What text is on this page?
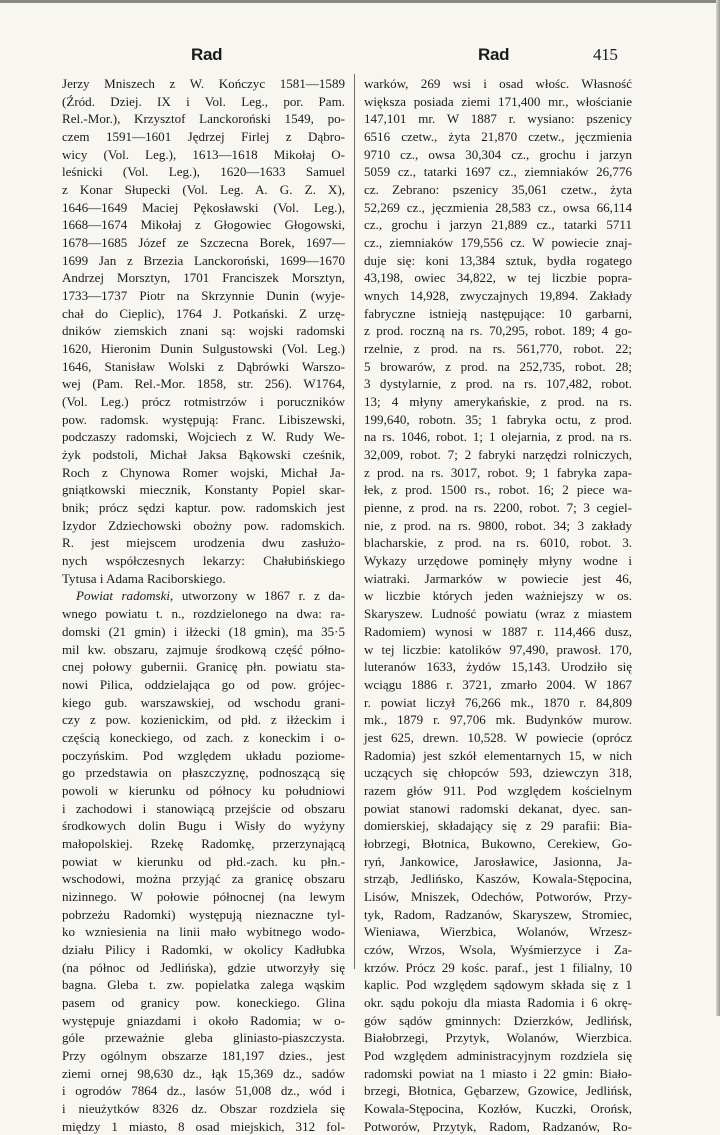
Rad	Rad	415
Jerzy Mniszech z W. Kończyc 1581—1589
(Źród. Dziej. IX i Vol. Leg., por. Pam.
Rel.-Mor.), Krzysztof Lanckoroński 1549, po-
czem 1591—1601 Jędrzej Firlej z Dąbro-
wicy (Vol. Leg.), 1613—1618 Mikołaj O-
leśnicki (Vol. Leg.), 1620—1633 Samuel
z Konar Słupecki (Vol. Leg. A. G. Z. X),
1646—1649 Maciej Pękosławski (Vol. Leg.),
1668—1674 Mikołaj z Głogowiec Głogowski,
1678—1685 Józef ze Szczecna Borek, 1697—
1699 Jan z Brzezia Lanckoroński, 1699—1670
Andrzej Morsztyn, 1701 Franciszek Morsztyn,
1733—1737 Piotr na Skrzynnie Dunin (wyje-
chał do Cieplic), 1764 J. Potkański. Z urzę-
dników ziemskich znani są: wojski radomski
1620, Hieronim Dunin Sulgustowski (Vol. Leg.)
1646, Stanisław Wolski z Dąbrówki Warszo-
wej (Pam. Rel.-Mor. 1858, str. 256). W1764,
(Vol. Leg.) prócz rotmistrzów i poruczników
pow. radomsk. występują: Franc. Libiszewski,
podczaszy radomski, Wojciech z W. Rudy We-
żyk podstoli, Michał Jaksa Bąkowski cześnik,
Roch z Chynowa Romer wojski, Michał Ja-
gniątkowski miecznik, Konstanty Popiel skar-
bnik; prócz sędzi kaptur. pow. radomskich jest
Izydor Zdziechowski obożny pow. radomskich.
R. jest miejscem urodzenia dwu zasłużo-
nych współczesnych lekarzy: Chałubińskiego
Tytusa i Adama Raciborskiego.
Powiat radomski, utworzony w 1867 r. z da-
wnego powiatu t. n., rozdzielonego na dwa: ra-
domski (21 gmin) i iłżecki (18 gmin), ma 35·5
mil kw. obszaru, zajmuje środkową część półno-
cnej połowy gubernii. Granicę płn. powiatu sta-
nowi Pilica, oddzielająca go od pow. grójec-
kiego gub. warszawskiej, od wschodu grani-
czy z pow. kozienickim, od płd. z iłżeckim i
częścią koneckiego, od zach. z koneckim i o-
poczyńskim. Pod względem układu poziome-
go przedstawia on płaszczyznę, podnoszącą się
powoli w kierunku od północy ku południowi
i zachodowi i stanowiącą przejście od obszaru
środkowych dolin Bugu i Wisły do wyżyny
małopolskiej. Rzekę Radomkę, przerzynającą
powiat w kierunku od płd.-zach. ku płn.-
wschodowi, można przyjąć za granicę obszaru
nizinnego. W połowie północnej (na lewym
pobrzeżu Radomki) występują nieznaczne tyl-
ko wzniesienia na linii mało wybitnego wodo-
działu Pilicy i Radomki, w okolicy Kadłubka
(na północ od Jedlińska), gdzie utworzyły się
bagna. Gleba t. zw. popielatka zalega wąskim
pasem od granicy pow. koneckiego. Glina
występuje gniazdami i około Radomia; w o-
góle przeważnie gleba gliniasto-piaszczysta.
Przy ogólnym obszarze 181,197 dzies., jest
ziemi ornej 98,630 dz., łąk 15,369 dz., sadów
i ogrodów 7864 dz., lasów 51,008 dz., wód i
i nieużytków 8326 dz. Obszar rozdziela się
między 1 miasto, 8 osad miejskich, 312 fol-
warków, 269 wsi i osad włośc. Własność
większa posiada ziemi 171,400 mr., włościanie
147,101 mr. W 1887 r. wysiano: pszenicy
6516 czetw., żyta 21,870 czetw., jęczmienia
9710 cz., owsa 30,304 cz., grochu i jarzyn
5059 cz., tatarki 1697 cz., ziemniaków 26,776
cz. Zebrano: pszenicy 35,061 czetw., żyta
52,269 cz., jęczmienia 28,583 cz., owsa 66,114
cz., grochu i jarzyn 21,889 cz., tatarki 5711
cz., ziemniaków 179,556 cz. W powiecie znaj-
duje się: koni 13,384 sztuk, bydła rogatego
43,198, owiec 34,822, w tej liczbie popra-
wnych 14,928, zwyczajnych 19,894. Zakłady
fabryczne istnieją następujące: 10 garbarni,
z prod. roczną na rs. 70,295, robot. 189; 4 go-
rzelnie, z prod. na rs. 561,770, robot. 22;
5 browarów, z prod. na 252,735, robot. 28;
3 dystylarnie, z prod. na rs. 107,482, robot.
13; 4 młyny amerykańskie, z prod. na rs.
199,640, robotn. 35; 1 fabryka octu, z prod.
na rs. 1046, robot. 1; 1 olejarnia, z prod. na rs.
32,009, robot. 7; 2 fabryki narzędzi rolniczych,
z prod. na rs. 3017, robot. 9; 1 fabryka zapa-
łek, z prod. 1500 rs., robot. 16; 2 piece wa-
pienne, z prod. na rs. 2200, robot. 7; 3 cegiel-
nie, z prod. na rs. 9800, robot. 34; 3 zakłady
blacharskie, z prod. na rs. 6010, robot. 3.
Wykazy urzędowe pominęły młyny wodne i
wiatraki. Jarmarków w powiecie jest 46,
w liczbie których jeden ważniejszy w os.
Skaryszew. Ludność powiatu (wraz z miastem
Radomiem) wynosi w 1887 r. 114,466 dusz,
w tej liczbie: katolików 97,490, prawosł. 170,
luteranów 1633, żydów 15,143. Urodziło się
wciągu 1886 r. 3721, zmarło 2004. W 1867
r. powiat liczył 76,266 mk., 1870 r. 84,809
mk., 1879 r. 97,706 mk. Budynków murow.
jest 625, drewn. 10,528. W powiecie (oprócz
Radomia) jest szkół elementarnych 15, w nich
uczących się chłopców 593, dziewczyn 318,
razem głów 911. Pod względem kościelnym
powiat stanowi radomski dekanat, dyec. san-
domierskiej, składający się z 29 parafii: Bia-
łobrzegi, Błotnica, Bukowno, Cerekiew, Go-
ryń, Jankowice, Jarosławice, Jasionna, Ja-
strząb, Jedlińsko, Kaszów, Kowala-Stępocina,
Lisów, Mniszek, Odechów, Potworów, Przy-
tyk, Radom, Radzanów, Skaryszew, Stromiec,
Wieniawa, Wierzbica, Wolanów, Wrzesz-
czów, Wrzos, Wsola, Wyśmierzyce i Za-
krzów. Prócz 29 kośc. paraf., jest 1 filialny, 10
kaplic. Pod względem sądowym składa się z 1
okr. sądu pokoju dla miasta Radomia i 6 okrę-
gów sądów gminnych: Dzierzków, Jedlińsk,
Białobrzegi, Przytyk, Wolanów, Wierzbica.
Pod względem administracyjnym rozdziela się
radomski powiat na 1 miasto i 22 gmin: Biało-
brzegi, Błotnica, Gębarzew, Gzowice, Jedlińsk,
Kowala-Stępocina, Kozłów, Kuczki, Orońsk,
Potworów, Przytyk, Radom, Radzanów, Ro-
